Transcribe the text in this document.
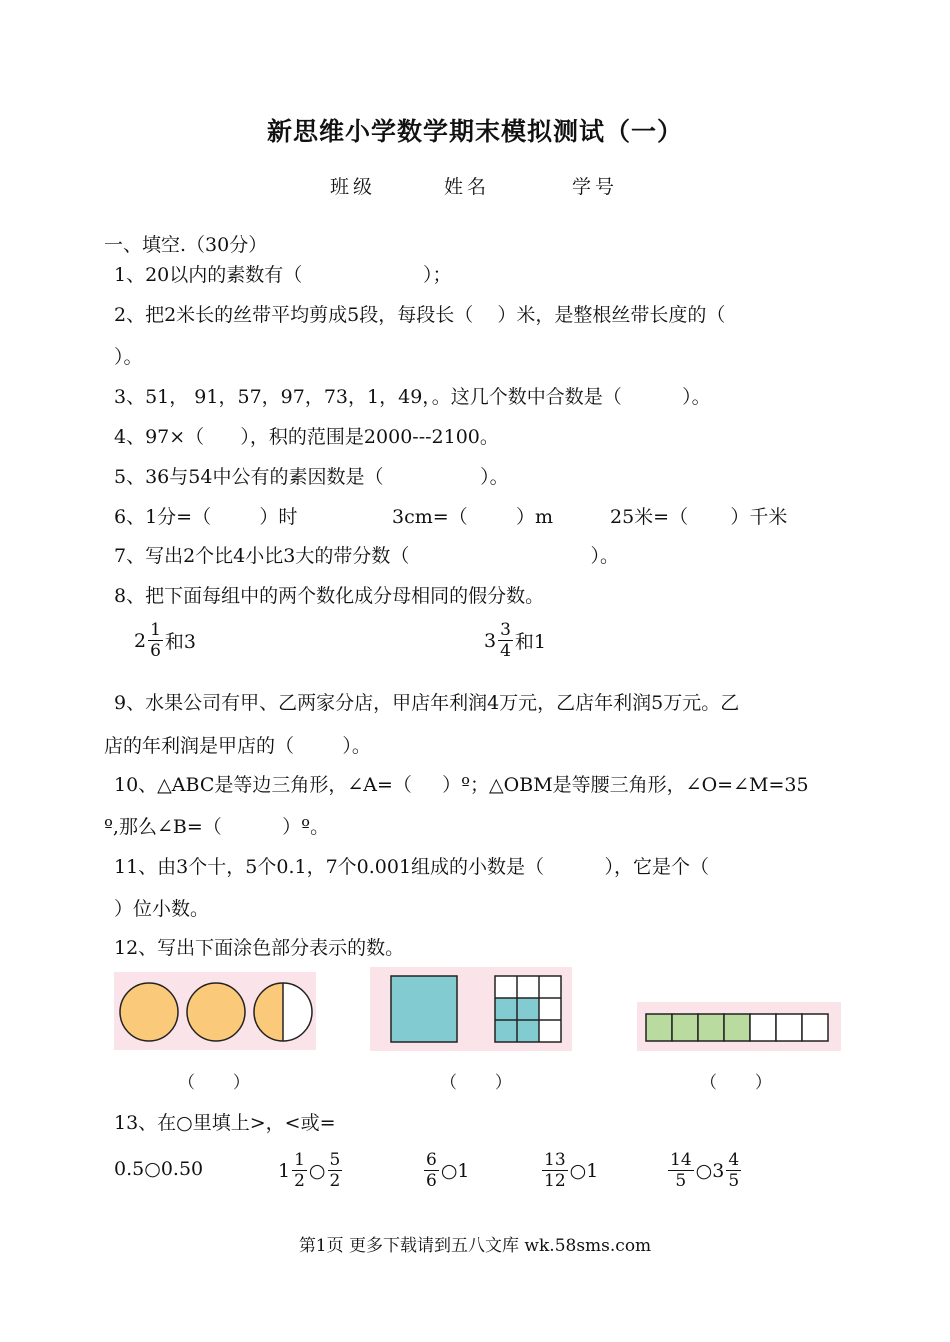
新思维小学数学期末模拟测试（一）
班级	姓名	学号
一、填空.（30分）
1、20以内的素数有（                    ）；
2、把2米长的丝带平均剪成5段，每段长（    ）米，是整根丝带长度的（
）。
3、51， 91，57，97，73，1，49，。这几个数中合数是（          ）。
4、97×（      ），积的范围是2000---2100。
5、36与54中公有的素因数是（                ）。
6、1分=（        ）时	3cm=（        ）m	25米=（       ）千米
7、写出2个比4小比3大的带分数（                              ）。
8、把下面每组中的两个数化成分母相同的假分数。
$2 \frac{1}{6}$ 和3	$3 \frac{3}{4}$ 和1
9、水果公司有甲、乙两家分店，甲店年利润4万元，乙店年利润5万元。乙
店的年利润是甲店的（        ）。
10、△ABC是等边三角形，∠A=（     ）º；△OBM是等腰三角形，∠O=∠M=35
º,那么∠B=（          ）º。
11、由3个十，5个0.1，7个0.001组成的小数是（          ），它是个（
）位小数。
12、写出下面涂色部分表示的数。
（       ）	（       ）	（       ）
13、在○里填上>，<或=
0.5 ○ 0.50	$1 \frac{1}{2}$ ○ $\frac{5}{2}$	$\frac{6}{6}$ ○ 1	$\frac{13}{12}$ ○ 1	$\frac{14}{5}$ ○ $3 \frac{4}{5}$
第1页 更多下载请到五八文库 wk.58sms.com
